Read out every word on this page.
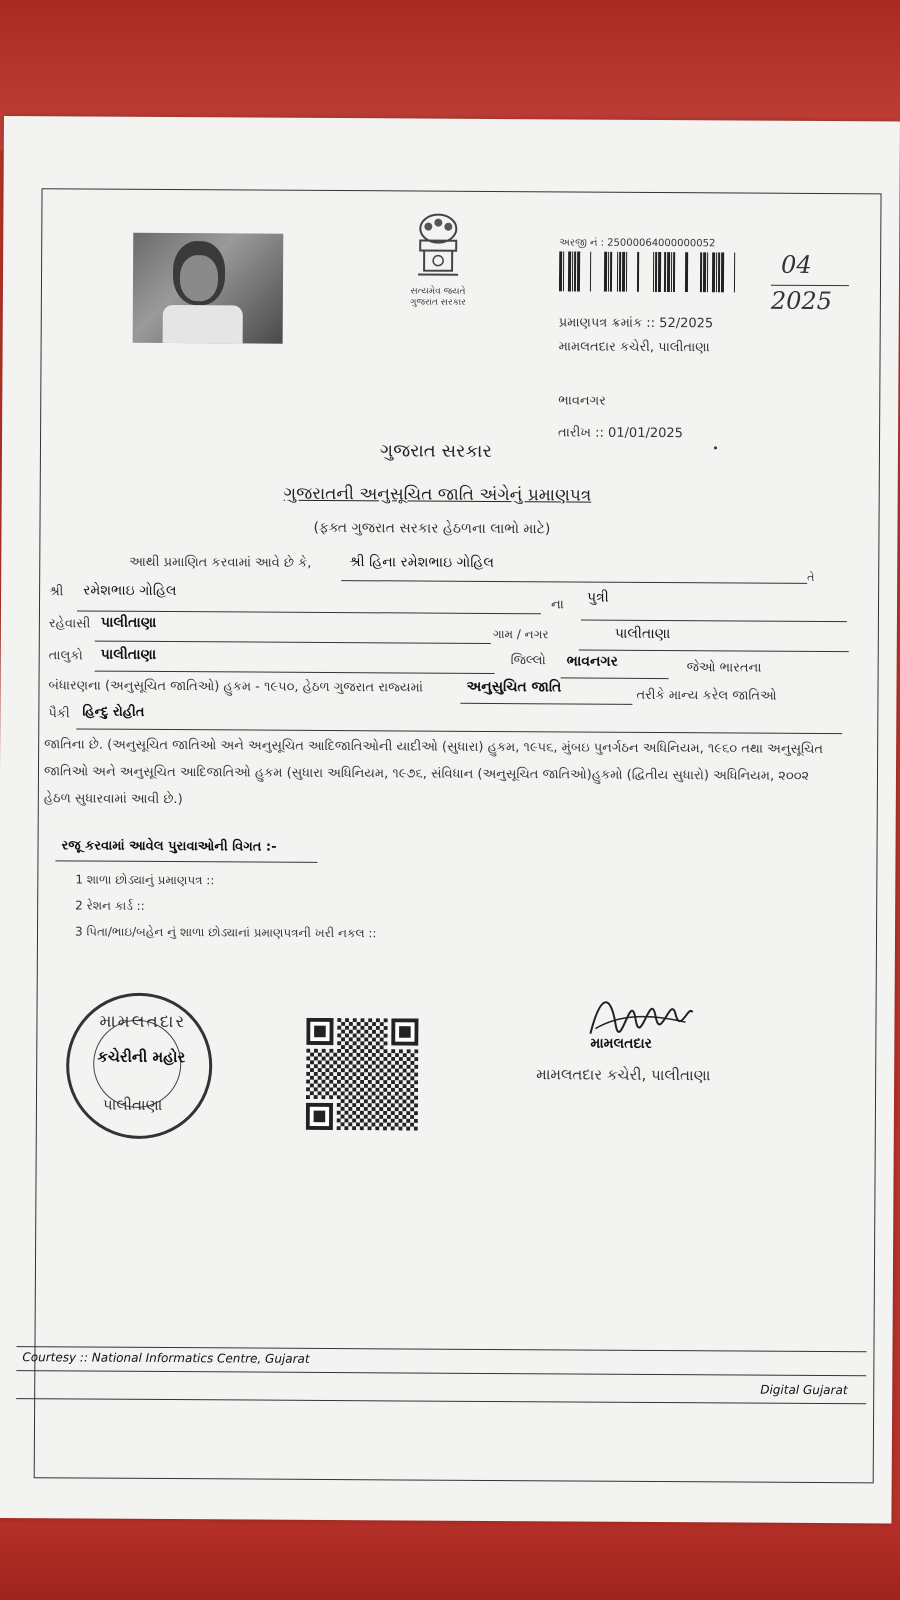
સત્યમેવ જયતે
ગુજરાત સરકાર
અરજી નં : 25000064000000052
04
2025
પ્રમાણપત્ર ક્રમાંક :: 52/2025
મામલતદાર કચેરી, પાલીતાણા
ભાવનગર
તારીખ :: 01/01/2025
ગુજરાત સરકાર
ગુજરાતની અનુસૂચિત જાતિ અંગેનું પ્રમાણપત્ર
(ફક્ત ગુજરાત સરકાર હેઠળના લાભો માટે)
આથી પ્રમાણિત કરવામાં આવે છે કે,	શ્રી હિના રમેશભાઇ ગોહિલ
તે
શ્રી રમેશભાઇ ગોહિલ
ના પુત્રી
રહેવાસી પાલીતાણા
ગામ / નગર	પાલીતાણા
તાલુકો પાલીતાણા	જિલ્લો ભાવનગર	જેઓ ભારતના
બંધારણના (અનુસૂચિત જાતિઓ) હુકમ - ૧૯૫૦, હેઠળ ગુજરાત રાજ્યમાં	અનુસુચિત જાતિ
તરીકે માન્ય કરેલ જાતિઓ
પૈકી હિન્દુ રોહીત
જાતિના છે. (અનુસૂચિત જાતિઓ અને અનુસૂચિત આદિજાતિઓની યાદીઓ (સુધારા) હુકમ, ૧૯૫૬, મુંબઇ પુનર્ગઠન અધિનિયમ, ૧૯૬૦ તથા અનુસૂચિત જાતિઓ અને અનુસૂચિત આદિજાતિઓ હુકમ (સુધારા અધિનિયમ, ૧૯૭૬, સંવિધાન (અનુસૂચિત જાતિઓ)હુકમો (દ્વિતીય સુધારો) અધિનિયમ, ૨૦૦૨ હેઠળ સુધારવામાં આવી છે.)
રજૂ કરવામાં આવેલ પુરાવાઓની વિગત :-
1 શાળા છોડ્યાનું પ્રમાણપત્ર ::
2 રેશન કાર્ડ ::
3 પિતા/ભાઇ/બહેન નું શાળા છોડ્યાનાં પ્રમાણપત્રની ખરી નકલ ::
મામલતદાર
કચેરીની મહોર
પાલીતાણા
મામલતદાર
મામલતદાર કચેરી, પાલીતાણા
Courtesy :: National Informatics Centre, Gujarat
Digital Gujarat
